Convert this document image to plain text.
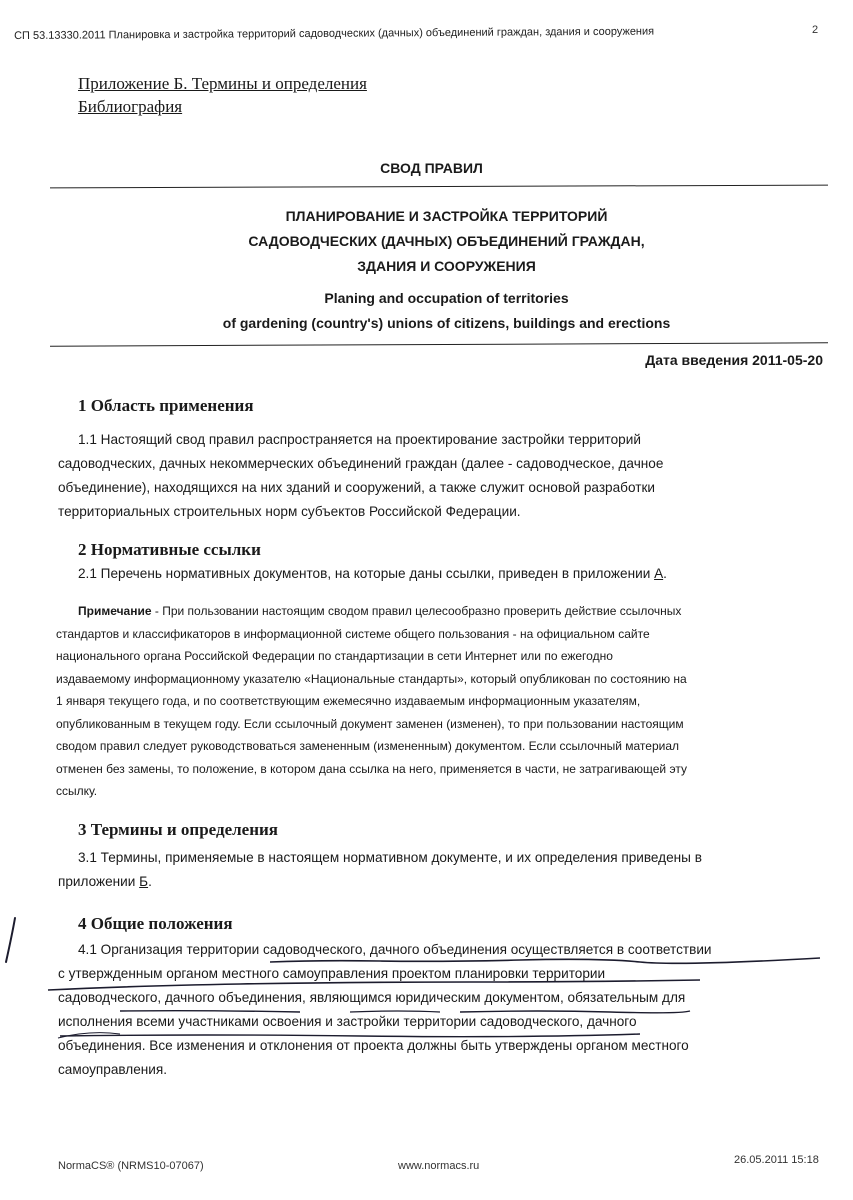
СП 53.13330.2011 Планировка и застройка территорий садоводческих (дачных) объединений граждан, здания и сооружения	2
Приложение Б. Термины и определения
Библиография
СВОД ПРАВИЛ
ПЛАНИРОВАНИЕ И ЗАСТРОЙКА ТЕРРИТОРИЙ
САДОВОДЧЕСКИХ (ДАЧНЫХ) ОБЪЕДИНЕНИЙ ГРАЖДАН,
ЗДАНИЯ И СООРУЖЕНИЯ
Planing and occupation of territories
of gardening (country's) unions of citizens, buildings and erections
Дата введения 2011-05-20
1 Область применения
1.1 Настоящий свод правил распространяется на проектирование застройки территорий
садоводческих, дачных некоммерческих объединений граждан (далее - садоводческое, дачное
объединение), находящихся на них зданий и сооружений, а также служит основой разработки
территориальных строительных норм субъектов Российской Федерации.
2 Нормативные ссылки
2.1 Перечень нормативных документов, на которые даны ссылки, приведен в приложении А.
Примечание - При пользовании настоящим сводом правил целесообразно проверить действие ссылочных
стандартов и классификаторов в информационной системе общего пользования - на официальном сайте
национального органа Российской Федерации по стандартизации в сети Интернет или по ежегодно
издаваемому информационному указателю «Национальные стандарты», который опубликован по состоянию на
1 января текущего года, и по соответствующим ежемесячно издаваемым информационным указателям,
опубликованным в текущем году. Если ссылочный документ заменен (изменен), то при пользовании настоящим
сводом правил следует руководствоваться замененным (измененным) документом. Если ссылочный материал
отменен без замены, то положение, в котором дана ссылка на него, применяется в части, не затрагивающей эту
ссылку.
3 Термины и определения
3.1 Термины, применяемые в настоящем нормативном документе, и их определения приведены в
приложении Б.
4 Общие положения
4.1 Организация территории садоводческого, дачного объединения осуществляется в соответствии
с утвержденным органом местного самоуправления проектом планировки территории
садоводческого, дачного объединения, являющимся юридическим документом, обязательным для
исполнения всеми участниками освоения и застройки территории садоводческого, дачного
объединения. Все изменения и отклонения от проекта должны быть утверждены органом местного
самоуправления.
NormaCS® (NRMS10-07067)	www.normacs.ru	26.05.2011 15:18
